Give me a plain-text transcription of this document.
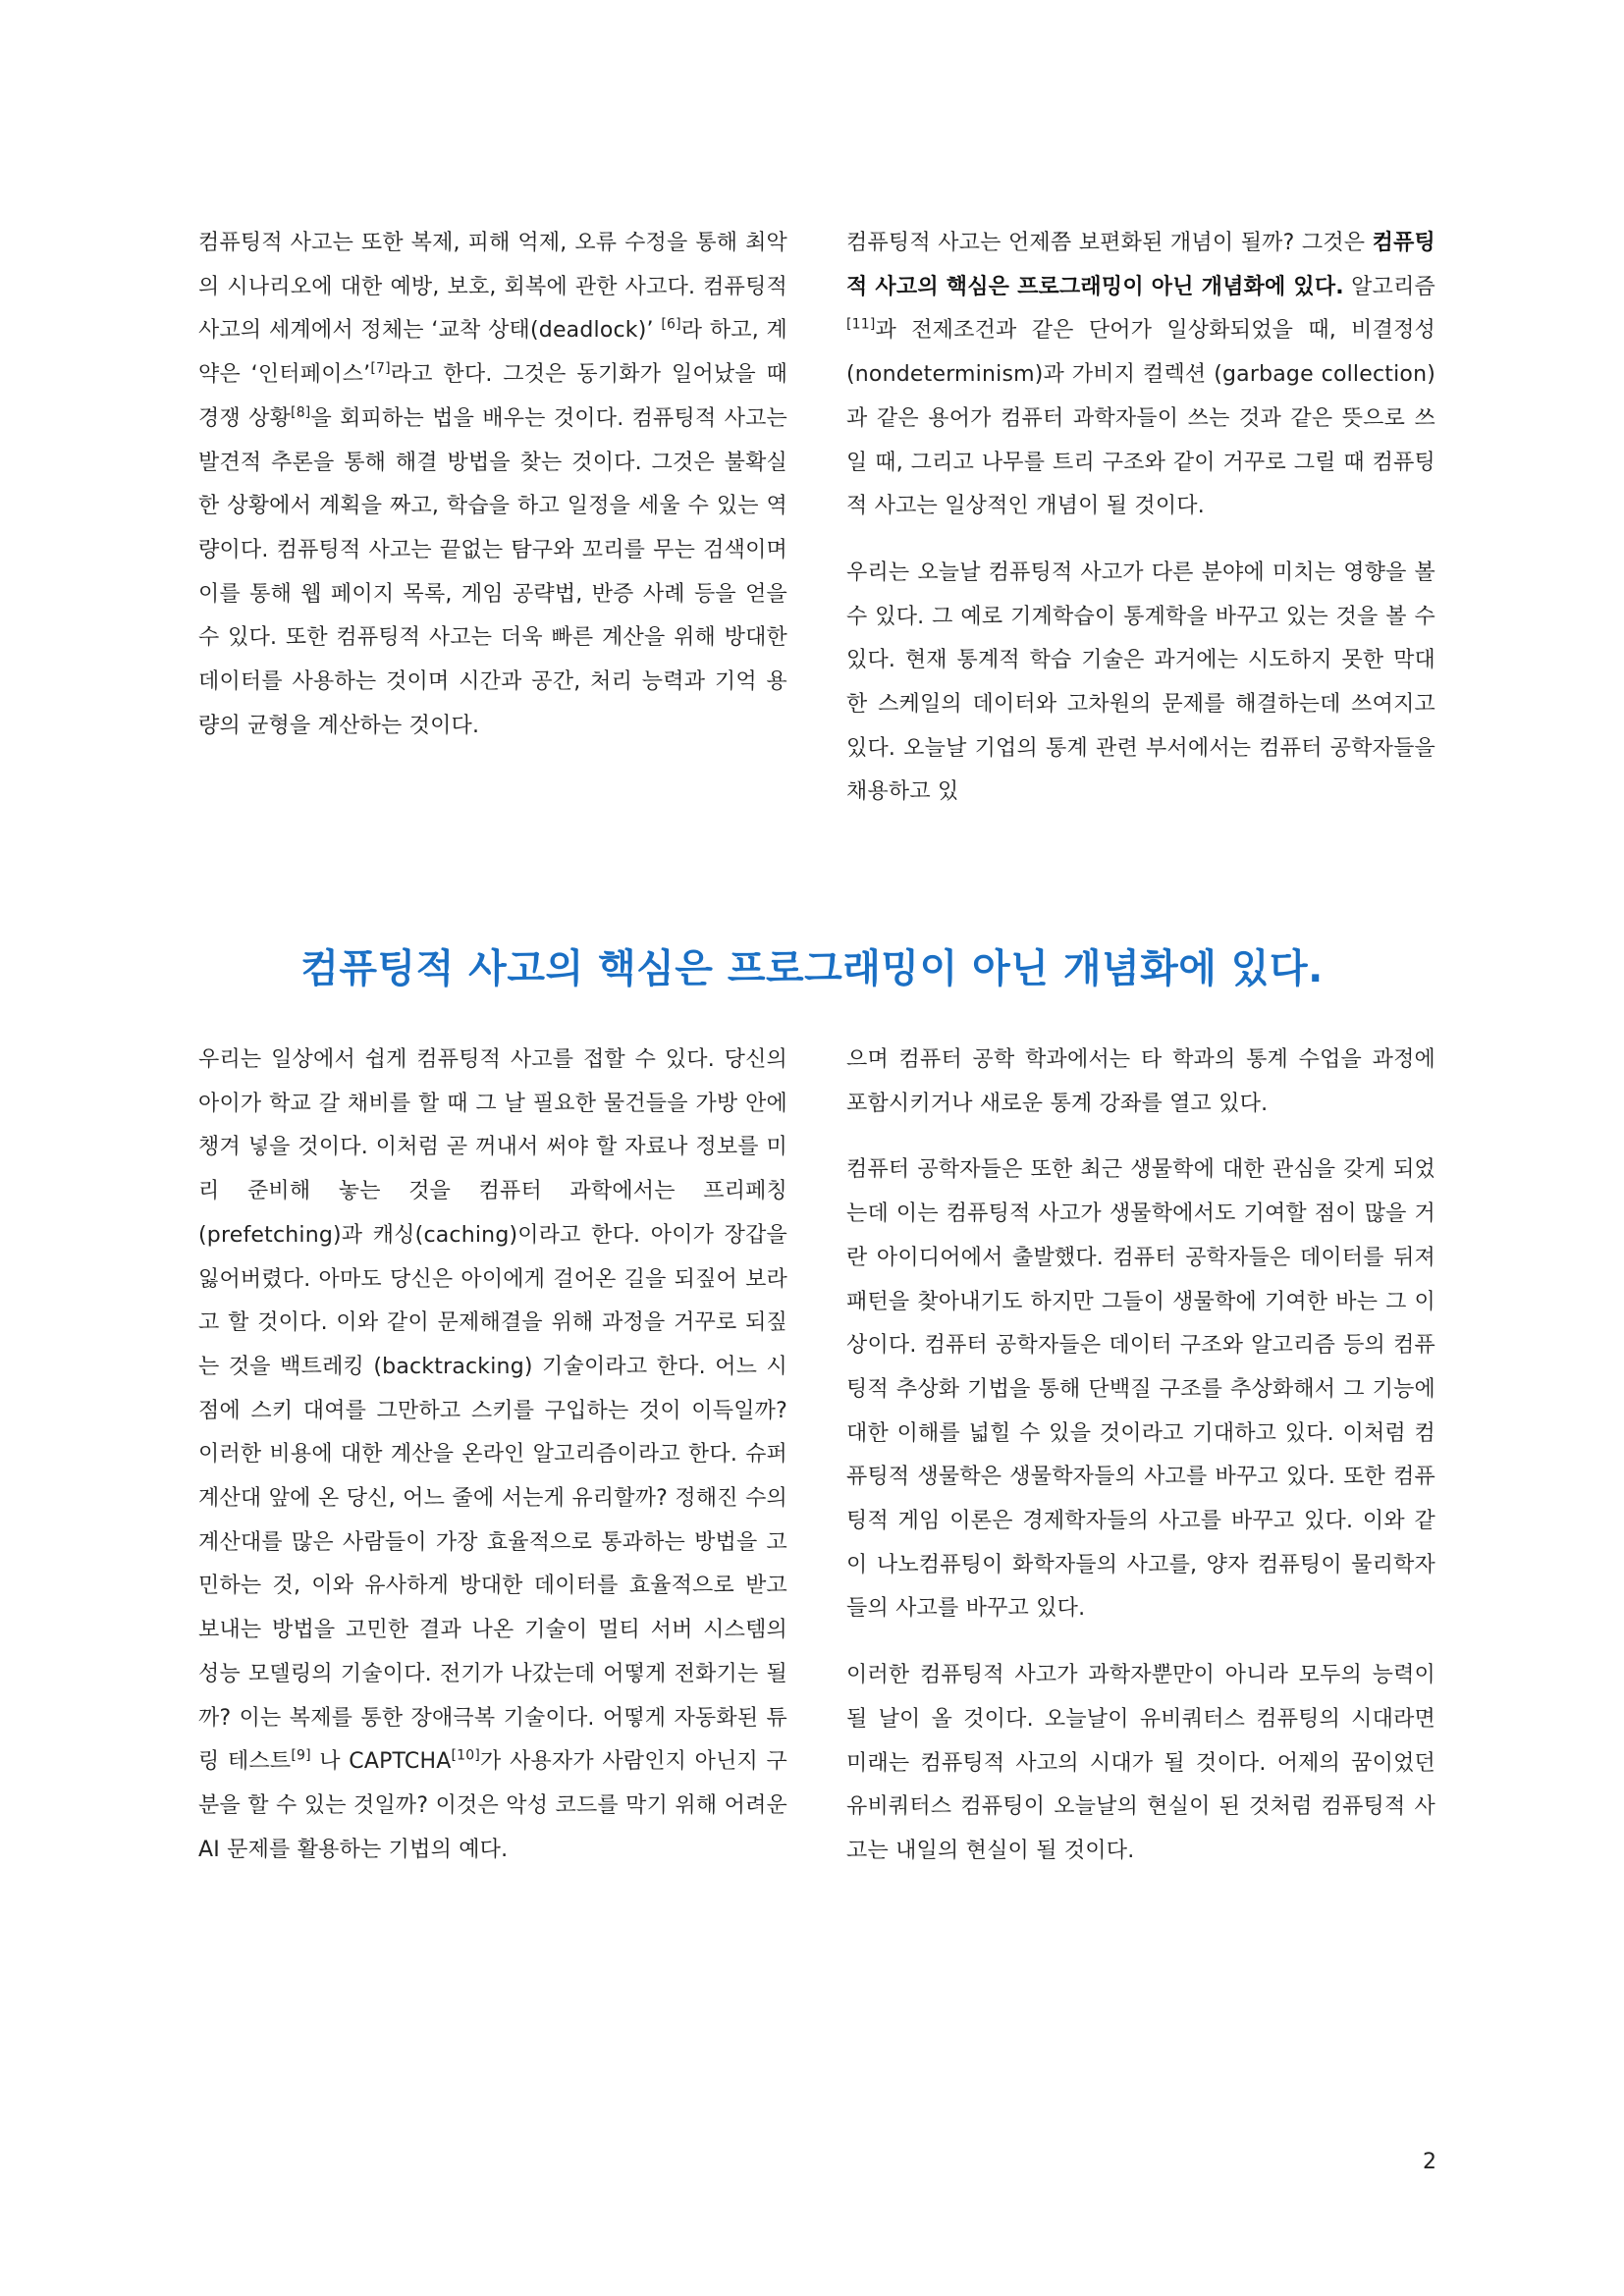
컴퓨팅적 사고는 또한 복제, 피해 억제, 오류 수정을 통해 최악의 시나리오에 대한 예방, 보호, 회복에 관한 사고다. 컴퓨팅적 사고의 세계에서 정체는 ‘교착 상태(deadlock)’ [6]라 하고, 계약은 ‘인터페이스’[7]라고 한다. 그것은 동기화가 일어났을 때 경쟁 상황[8]을 회피하는 법을 배우는 것이다. 컴퓨팅적 사고는 발견적 추론을 통해 해결 방법을 찾는 것이다. 그것은 불확실한 상황에서 계획을 짜고, 학습을 하고 일정을 세울 수 있는 역량이다. 컴퓨팅적 사고는 끝없는 탐구와 꼬리를 무는 검색이며 이를 통해 웹 페이지 목록, 게임 공략법, 반증 사례 등을 얻을 수 있다. 또한 컴퓨팅적 사고는 더욱 빠른 계산을 위해 방대한 데이터를 사용하는 것이며 시간과 공간, 처리 능력과 기억 용량의 균형을 계산하는 것이다.

컴퓨팅적 사고는 언제쯤 보편화된 개념이 될까? 그것은 컴퓨팅적 사고의 핵심은 프로그래밍이 아닌 개념화에 있다. 알고리즘[11]과 전제조건과 같은 단어가 일상화되었을 때, 비결정성(nondeterminism)과 가비지 컬렉션 (garbage collection)과 같은 용어가 컴퓨터 과학자들이 쓰는 것과 같은 뜻으로 쓰일 때, 그리고 나무를 트리 구조와 같이 거꾸로 그릴 때 컴퓨팅적 사고는 일상적인 개념이 될 것이다.

우리는 오늘날 컴퓨팅적 사고가 다른 분야에 미치는 영향을 볼 수 있다. 그 예로 기계학습이 통계학을 바꾸고 있는 것을 볼 수 있다. 현재 통계적 학습 기술은 과거에는 시도하지 못한 막대한 스케일의 데이터와 고차원의 문제를 해결하는데 쓰여지고 있다. 오늘날 기업의 통계 관련 부서에서는 컴퓨터 공학자들을 채용하고 있

컴퓨팅적 사고의 핵심은 프로그래밍이 아닌 개념화에 있다.

우리는 일상에서 쉽게 컴퓨팅적 사고를 접할 수 있다. 당신의 아이가 학교 갈 채비를 할 때 그 날 필요한 물건들을 가방 안에 챙겨 넣을 것이다. 이처럼 곧 꺼내서 써야 할 자료나 정보를 미리 준비해 놓는 것을 컴퓨터 과학에서는 프리페칭 (prefetching)과 캐싱(caching)이라고 한다. 아이가 장갑을 잃어버렸다. 아마도 당신은 아이에게 걸어온 길을 되짚어 보라고 할 것이다. 이와 같이 문제해결을 위해 과정을 거꾸로 되짚는 것을 백트레킹 (backtracking) 기술이라고 한다. 어느 시점에 스키 대여를 그만하고 스키를 구입하는 것이 이득일까? 이러한 비용에 대한 계산을 온라인 알고리즘이라고 한다. 슈퍼 계산대 앞에 온 당신, 어느 줄에 서는게 유리할까? 정해진 수의 계산대를 많은 사람들이 가장 효율적으로 통과하는 방법을 고민하는 것, 이와 유사하게 방대한 데이터를 효율적으로 받고 보내는 방법을 고민한 결과 나온 기술이 멀티 서버 시스템의 성능 모델링의 기술이다. 전기가 나갔는데 어떻게 전화기는 될까? 이는 복제를 통한 장애극복 기술이다. 어떻게 자동화된 튜링 테스트[9] 나 CAPTCHA[10]가 사용자가 사람인지 아닌지 구분을 할 수 있는 것일까? 이것은 악성 코드를 막기 위해 어려운 AI 문제를 활용하는 기법의 예다.

으며 컴퓨터 공학 학과에서는 타 학과의 통계 수업을 과정에 포함시키거나 새로운 통계 강좌를 열고 있다.

컴퓨터 공학자들은 또한 최근 생물학에 대한 관심을 갖게 되었는데 이는 컴퓨팅적 사고가 생물학에서도 기여할 점이 많을 거란 아이디어에서 출발했다. 컴퓨터 공학자들은 데이터를 뒤져 패턴을 찾아내기도 하지만 그들이 생물학에 기여한 바는 그 이상이다. 컴퓨터 공학자들은 데이터 구조와 알고리즘 등의 컴퓨팅적 추상화 기법을 통해 단백질 구조를 추상화해서 그 기능에 대한 이해를 넓힐 수 있을 것이라고 기대하고 있다. 이처럼 컴퓨팅적 생물학은 생물학자들의 사고를 바꾸고 있다. 또한 컴퓨팅적 게임 이론은 경제학자들의 사고를 바꾸고 있다. 이와 같이 나노컴퓨팅이 화학자들의 사고를, 양자 컴퓨팅이 물리학자들의 사고를 바꾸고 있다.

이러한 컴퓨팅적 사고가 과학자뿐만이 아니라 모두의 능력이 될 날이 올 것이다. 오늘날이 유비쿼터스 컴퓨팅의 시대라면 미래는 컴퓨팅적 사고의 시대가 될 것이다. 어제의 꿈이었던 유비쿼터스 컴퓨팅이 오늘날의 현실이 된 것처럼 컴퓨팅적 사고는 내일의 현실이 될 것이다.

2
